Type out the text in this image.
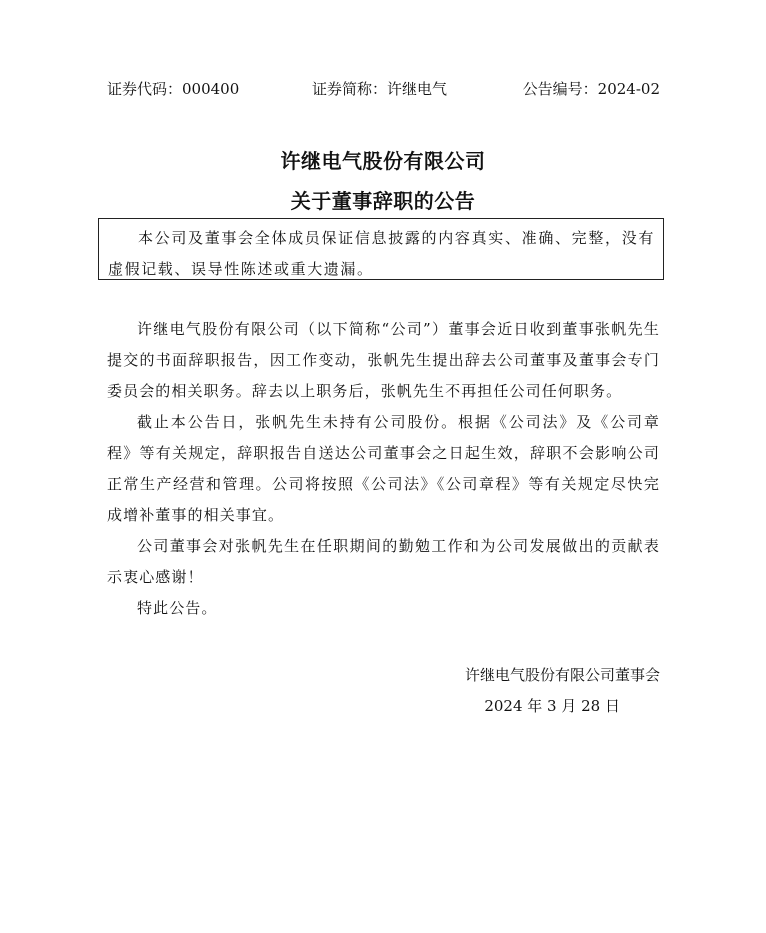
证券代码：000400	证券简称：许继电气	公告编号：2024-02
许继电气股份有限公司
关于董事辞职的公告

本公司及董事会全体成员保证信息披露的内容真实、准确、完整，没有虚假记载、误导性陈述或重大遗漏。

许继电气股份有限公司（以下简称“公司”）董事会近日收到董事张帆先生提交的书面辞职报告，因工作变动，张帆先生提出辞去公司董事及董事会专门委员会的相关职务。辞去以上职务后，张帆先生不再担任公司任何职务。

截止本公告日，张帆先生未持有公司股份。根据《公司法》及《公司章程》等有关规定，辞职报告自送达公司董事会之日起生效，辞职不会影响公司正常生产经营和管理。公司将按照《公司法》《公司章程》等有关规定尽快完成增补董事的相关事宜。

公司董事会对张帆先生在任职期间的勤勉工作和为公司发展做出的贡献表示衷心感谢！

特此公告。

许继电气股份有限公司董事会
2024 年 3 月 28 日
